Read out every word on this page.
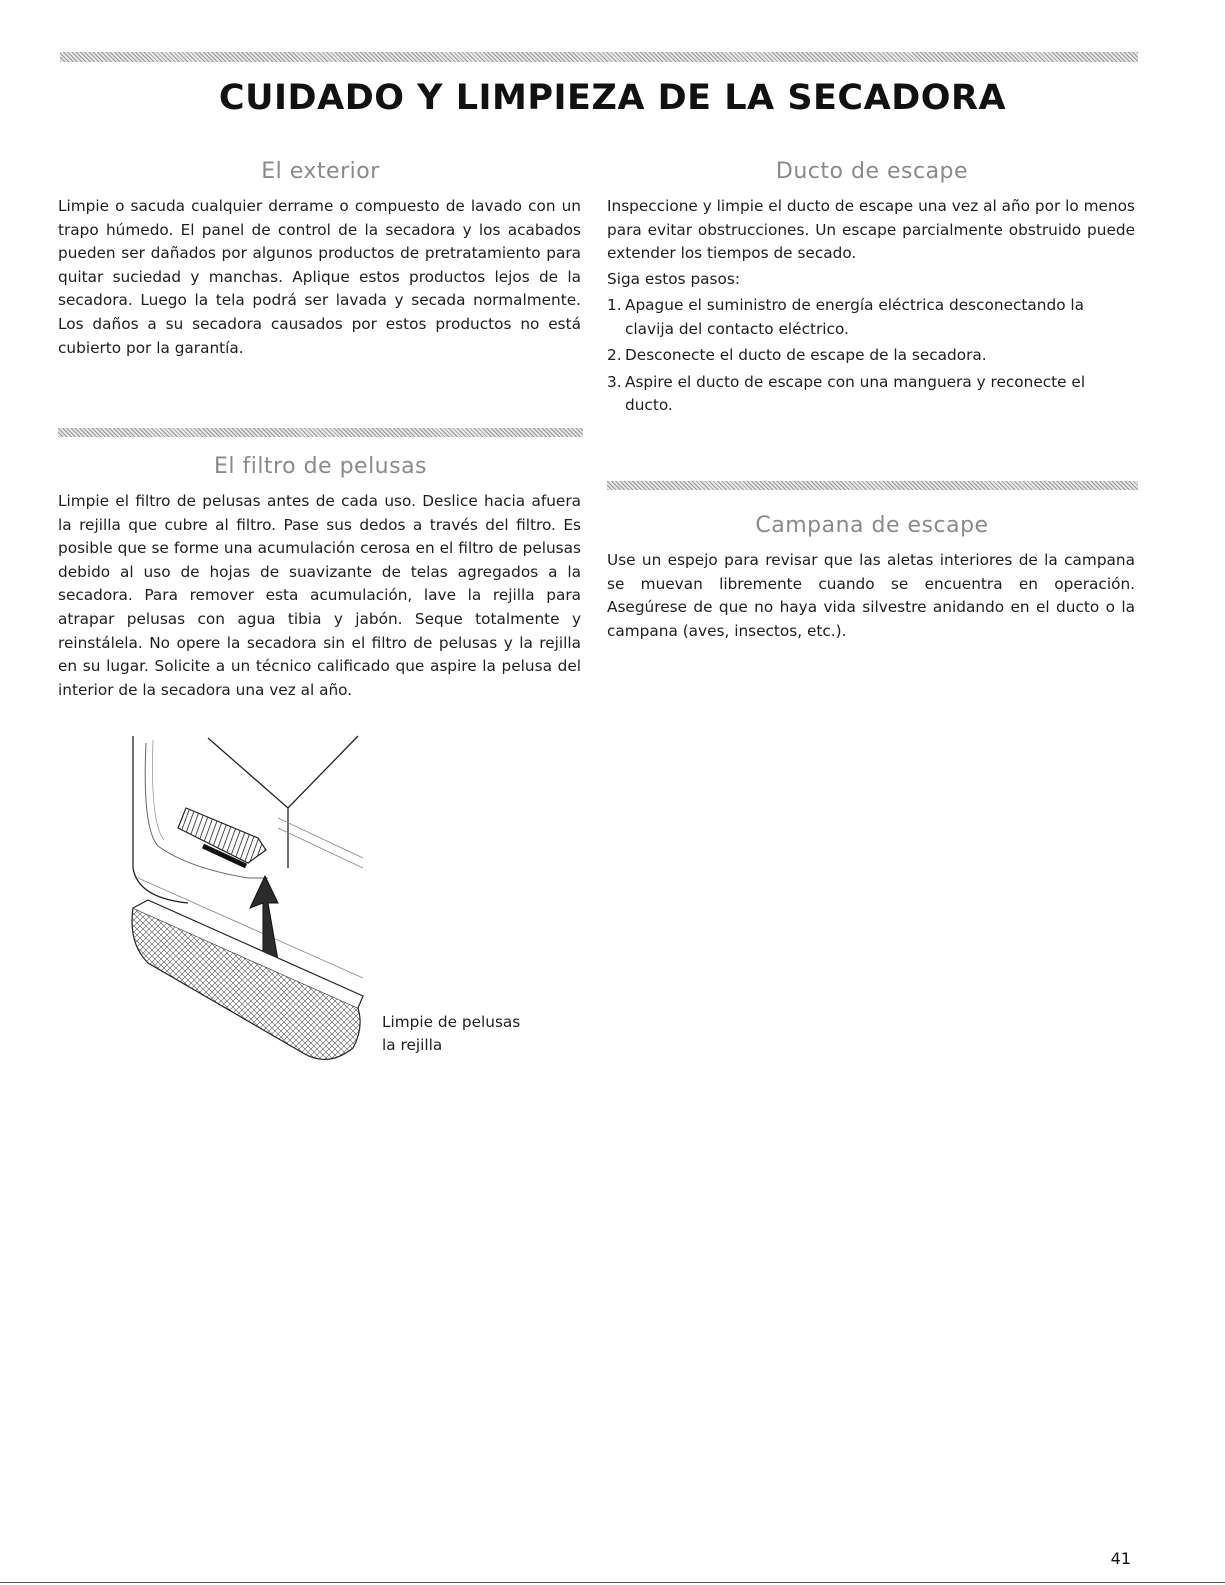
CUIDADO Y LIMPIEZA DE LA SECADORA
El exterior

Limpie o sacuda cualquier derrame o compuesto de lavado con un trapo húmedo. El panel de control de la secadora y los acabados pueden ser dañados por algunos productos de pretratamiento para quitar suciedad y manchas. Aplique estos productos lejos de la secadora. Luego la tela podrá ser lavada y secada normalmente. Los daños a su secadora causados por estos productos no está cubierto por la garantía.

El filtro de pelusas

Limpie el filtro de pelusas antes de cada uso. Deslice hacia afuera la rejilla que cubre al filtro. Pase sus dedos a través del filtro. Es posible que se forme una acumulación cerosa en el filtro de pelusas debido al uso de hojas de suavizante de telas agregados a la secadora. Para remover esta acumulación, lave la rejilla para atrapar pelusas con agua tibia y jabón. Seque totalmente y reinstálela. No opere la secadora sin el filtro de pelusas y la rejilla en su lugar. Solicite a un técnico calificado que aspire la pelusa del interior de la secadora una vez al año.

Limpie de pelusas
la rejilla
Ducto de escape

Inspeccione y limpie el ducto de escape una vez al año por lo menos para evitar obstrucciones. Un escape parcialmente obstruido puede extender los tiempos de secado.

Siga estos pasos:

1. Apague el suministro de energía eléctrica desconectando la clavija del contacto eléctrico.
2. Desconecte el ducto de escape de la secadora.
3. Aspire el ducto de escape con una manguera y reconecte el ducto.
Campana de escape

Use un espejo para revisar que las aletas interiores de la campana se muevan libremente cuando se encuentra en operación. Asegúrese de que no haya vida silvestre anidando en el ducto o la campana (aves, insectos, etc.).

41
